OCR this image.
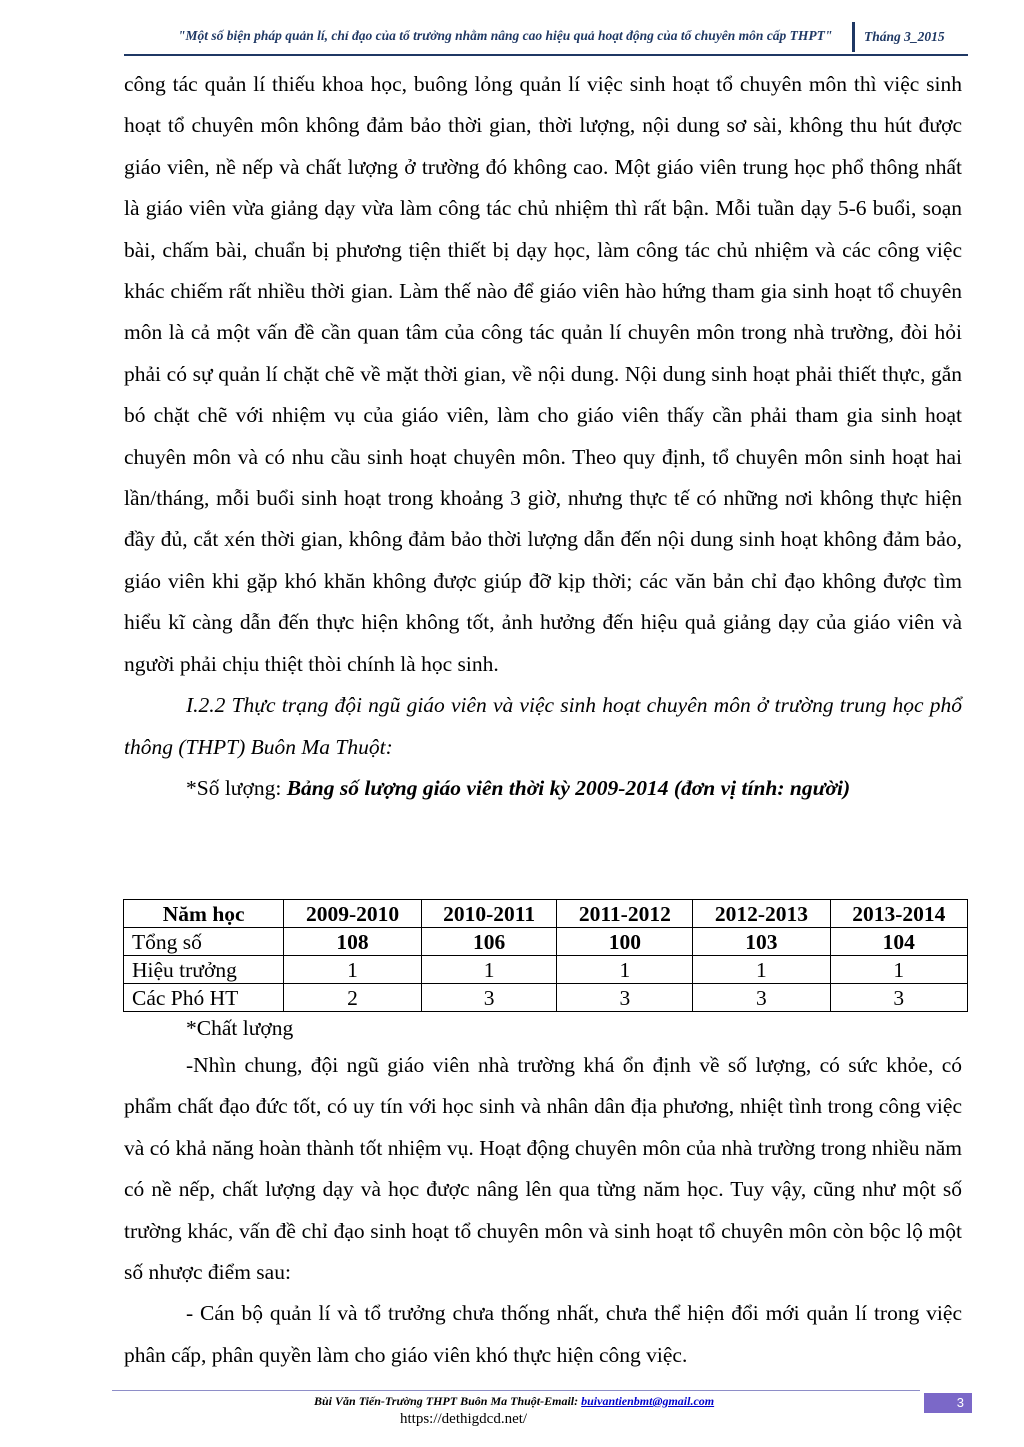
"Một số biện pháp quản lí, chỉ đạo của tổ trưởng nhằm nâng cao hiệu quả hoạt động của tổ chuyên môn cấp THPT" Tháng 3_2015

công tác quản lí thiếu khoa học, buông lỏng quản lí việc sinh hoạt tổ chuyên môn thì việc sinh hoạt tổ chuyên môn không đảm bảo thời gian, thời lượng, nội dung sơ sài, không thu hút được giáo viên, nề nếp và chất lượng ở trường đó không cao. Một giáo viên trung học phổ thông nhất là giáo viên vừa giảng dạy vừa làm công tác chủ nhiệm thì rất bận. Mỗi tuần dạy 5-6 buổi, soạn bài, chấm bài, chuẩn bị phương tiện thiết bị dạy học, làm công tác chủ nhiệm và các công việc khác chiếm rất nhiều thời gian. Làm thế nào để giáo viên hào hứng tham gia sinh hoạt tổ chuyên môn là cả một vấn đề cần quan tâm của công tác quản lí chuyên môn trong nhà trường, đòi hỏi phải có sự quản lí chặt chẽ về mặt thời gian, về nội dung. Nội dung sinh hoạt phải thiết thực, gắn bó chặt chẽ với nhiệm vụ của giáo viên, làm cho giáo viên thấy cần phải tham gia sinh hoạt chuyên môn và có nhu cầu sinh hoạt chuyên môn. Theo quy định, tổ chuyên môn sinh hoạt hai lần/tháng, mỗi buổi sinh hoạt trong khoảng 3 giờ, nhưng thực tế có những nơi không thực hiện đầy đủ, cắt xén thời gian, không đảm bảo thời lượng dẫn đến nội dung sinh hoạt không đảm bảo, giáo viên khi gặp khó khăn không được giúp đỡ kịp thời; các văn bản chỉ đạo không được tìm hiểu kĩ càng dẫn đến thực hiện không tốt, ảnh hưởng đến hiệu quả giảng dạy của giáo viên và người phải chịu thiệt thòi chính là học sinh.

I.2.2 Thực trạng đội ngũ giáo viên và việc sinh hoạt chuyên môn ở trường trung học phổ thông (THPT) Buôn Ma Thuột:

*Số lượng: Bảng số lượng giáo viên thời kỳ 2009-2014 (đơn vị tính: người)

Năm học	2009-2010	2010-2011	2011-2012	2012-2013	2013-2014
Tổng số	108	106	100	103	104
Hiệu trưởng	1	1	1	1	1
Các Phó HT	2	3	3	3	3

*Chất lượng

-Nhìn chung, đội ngũ giáo viên nhà trường khá ổn định về số lượng, có sức khỏe, có phẩm chất đạo đức tốt, có uy tín với học sinh và nhân dân địa phương, nhiệt tình trong công việc và có khả năng hoàn thành tốt nhiệm vụ. Hoạt động chuyên môn của nhà trường trong nhiều năm có nề nếp, chất lượng dạy và học được nâng lên qua từng năm học. Tuy vậy, cũng như một số trường khác, vấn đề chỉ đạo sinh hoạt tổ chuyên môn và sinh hoạt tổ chuyên môn còn bộc lộ một số nhược điểm sau:

- Cán bộ quản lí và tổ trưởng chưa thống nhất, chưa thể hiện đổi mới quản lí trong việc phân cấp, phân quyền làm cho giáo viên khó thực hiện công việc.

Bùi Văn Tiến-Trường THPT Buôn Ma Thuột-Email: buivantienbmt@gmail.com	3
https://dethigdcd.net/
